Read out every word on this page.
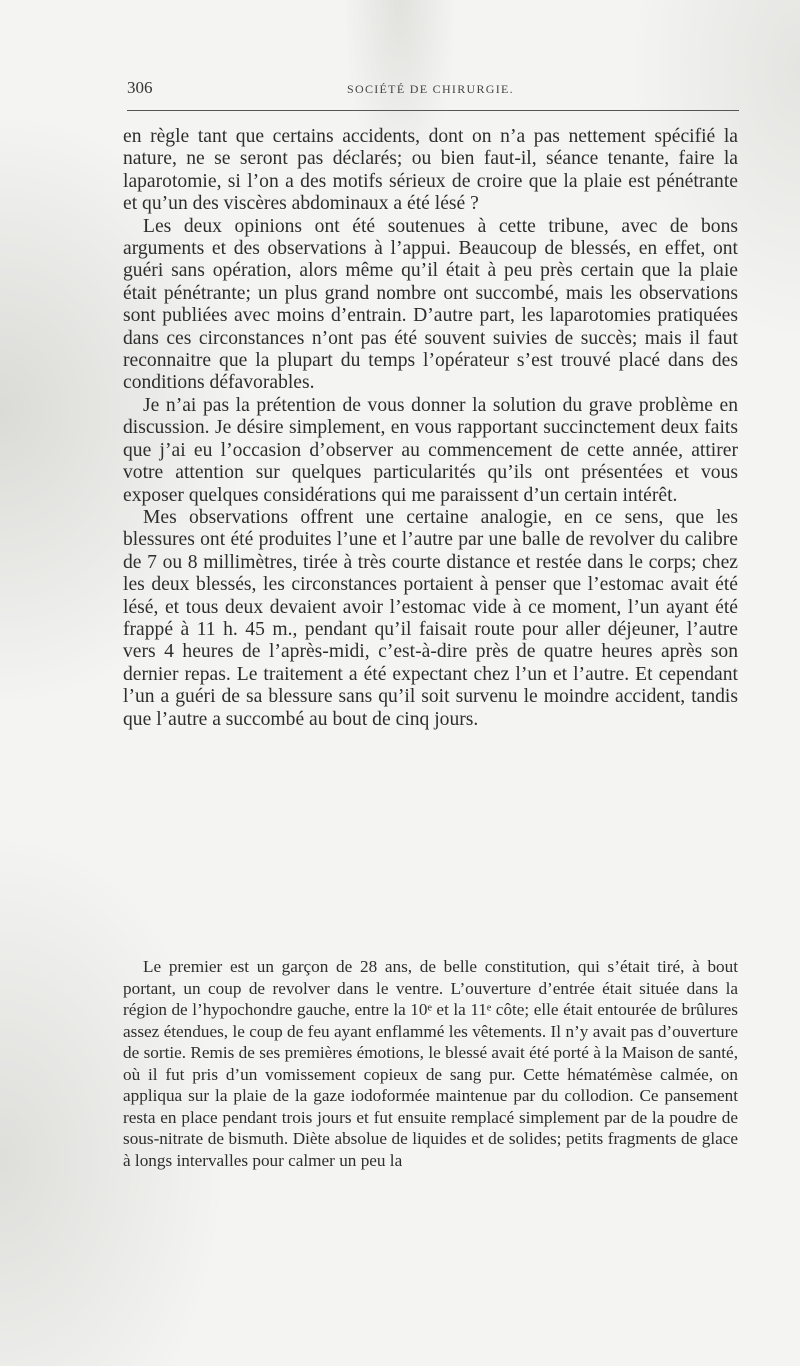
306	SOCIÉTÉ DE CHIRURGIE.

en règle tant que certains accidents, dont on n’a pas nettement spécifié la nature, ne se seront pas déclarés; ou bien faut-il, séance tenante, faire la laparotomie, si l’on a des motifs sérieux de croire que la plaie est pénétrante et qu’un des viscères abdominaux a été lésé ?

Les deux opinions ont été soutenues à cette tribune, avec de bons arguments et des observations à l’appui. Beaucoup de blessés, en effet, ont guéri sans opération, alors même qu’il était à peu près certain que la plaie était pénétrante; un plus grand nombre ont succombé, mais les observations sont publiées avec moins d’entrain. D’autre part, les laparotomies pratiquées dans ces circonstances n’ont pas été souvent suivies de succès; mais il faut reconnaitre que la plupart du temps l’opérateur s’est trouvé placé dans des conditions défavorables.

Je n’ai pas la prétention de vous donner la solution du grave problème en discussion. Je désire simplement, en vous rapportant succinctement deux faits que j’ai eu l’occasion d’observer au commencement de cette année, attirer votre attention sur quelques particularités qu’ils ont présentées et vous exposer quelques considérations qui me paraissent d’un certain intérêt.

Mes observations offrent une certaine analogie, en ce sens, que les blessures ont été produites l’une et l’autre par une balle de revolver du calibre de 7 ou 8 millimètres, tirée à très courte distance et restée dans le corps; chez les deux blessés, les circonstances portaient à penser que l’estomac avait été lésé, et tous deux devaient avoir l’estomac vide à ce moment, l’un ayant été frappé à 11 h. 45 m., pendant qu’il faisait route pour aller déjeuner, l’autre vers 4 heures de l’après-midi, c’est-à-dire près de quatre heures après son dernier repas. Le traitement a été expectant chez l’un et l’autre. Et cependant l’un a guéri de sa blessure sans qu’il soit survenu le moindre accident, tandis que l’autre a succombé au bout de cinq jours.

Le premier est un garçon de 28 ans, de belle constitution, qui s’était tiré, à bout portant, un coup de revolver dans le ventre. L’ouverture d’entrée était située dans la région de l’hypochondre gauche, entre la 10ᵉ et la 11ᵉ côte; elle était entourée de brûlures assez étendues, le coup de feu ayant enflammé les vêtements. Il n’y avait pas d’ouverture de sortie. Remis de ses premières émotions, le blessé avait été porté à la Maison de santé, où il fut pris d’un vomissement copieux de sang pur. Cette hématémèse calmée, on appliqua sur la plaie de la gaze iodoformée maintenue par du collodion. Ce pansement resta en place pendant trois jours et fut ensuite remplacé simplement par de la poudre de sous-nitrate de bismuth. Diète absolue de liquides et de solides; petits fragments de glace à longs intervalles pour calmer un peu la
